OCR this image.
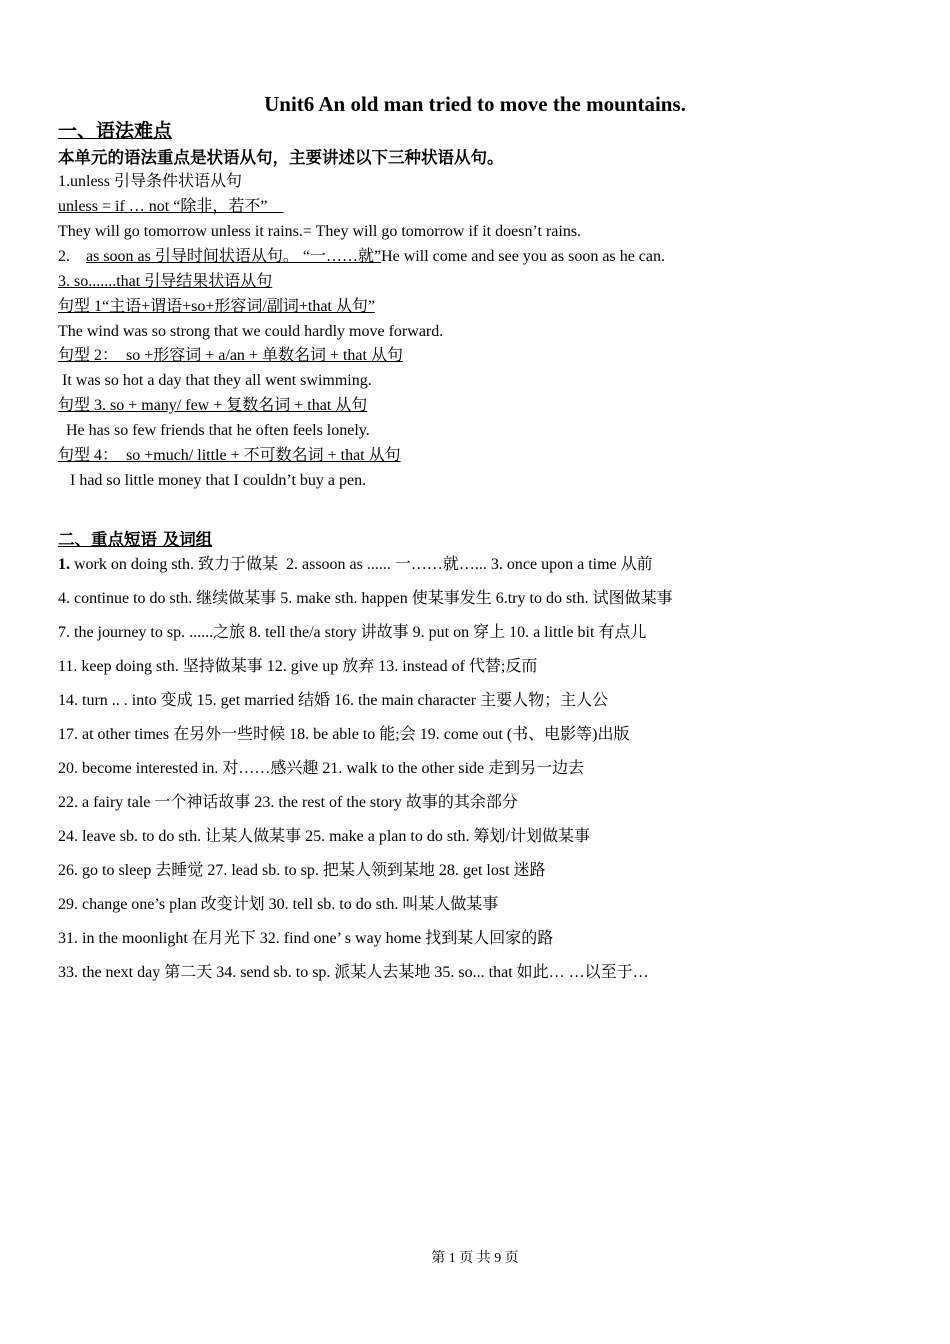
Unit6 An old man tried to move the mountains.
一、语法难点
本单元的语法重点是状语从句，主要讲述以下三种状语从句。
1.unless 引导条件状语从句
unless = if … not “除非，若不”
They will go tomorrow unless it rains.= They will go tomorrow if it doesn’t rains.
2.    as soon as 引导时间状语从句。 “一……就”He will come and see you as soon as he can.
3. so.......that 引导结果状语从句
句型 1“主语+谓语+so+形容词/副词+that 从句”
The wind was so strong that we could hardly move forward.
句型 2：  so +形容词 + a/an + 单数名词 + that 从句
It was so hot a day that they all went swimming.
句型 3. so + many/ few + 复数名词 + that 从句
He has so few friends that he often feels lonely.
句型 4：  so +much/ little + 不可数名词 + that 从句
I had so little money that I couldn’t buy a pen.
二、重点短语 及词组
1. work on doing sth. 致力于做某  2. assoon as ...... 一……就…... 3. once upon a time 从前
4. continue to do sth. 继续做某事 5. make sth. happen 使某事发生 6.try to do sth. 试图做某事
7. the journey to sp. ......之旅 8. tell the/a story 讲故事 9. put on 穿上 10. a little bit 有点儿
11. keep doing sth. 坚持做某事 12. give up 放弃 13. instead of 代替;反而
14. turn .. . into 变成 15. get married 结婚 16. the main character 主要人物；主人公
17. at other times 在另外一些时候 18. be able to 能;会 19. come out (书、电影等)出版
20. become interested in. 对……感兴趣 21. walk to the other side 走到另一边去
22. a fairy tale 一个神话故事 23. the rest of the story 故事的其余部分
24. leave sb. to do sth. 让某人做某事 25. make a plan to do sth. 筹划/计划做某事
26. go to sleep 去睡觉 27. lead sb. to sp. 把某人领到某地 28. get lost 迷路
29. change one’s plan 改变计划 30. tell sb. to do sth. 叫某人做某事
31. in the moonlight 在月光下 32. find one’ s way home 找到某人回家的路
33. the next day 第二天 34. send sb. to sp. 派某人去某地 35. so... that 如此… …以至于…
第 1 页 共 9 页
